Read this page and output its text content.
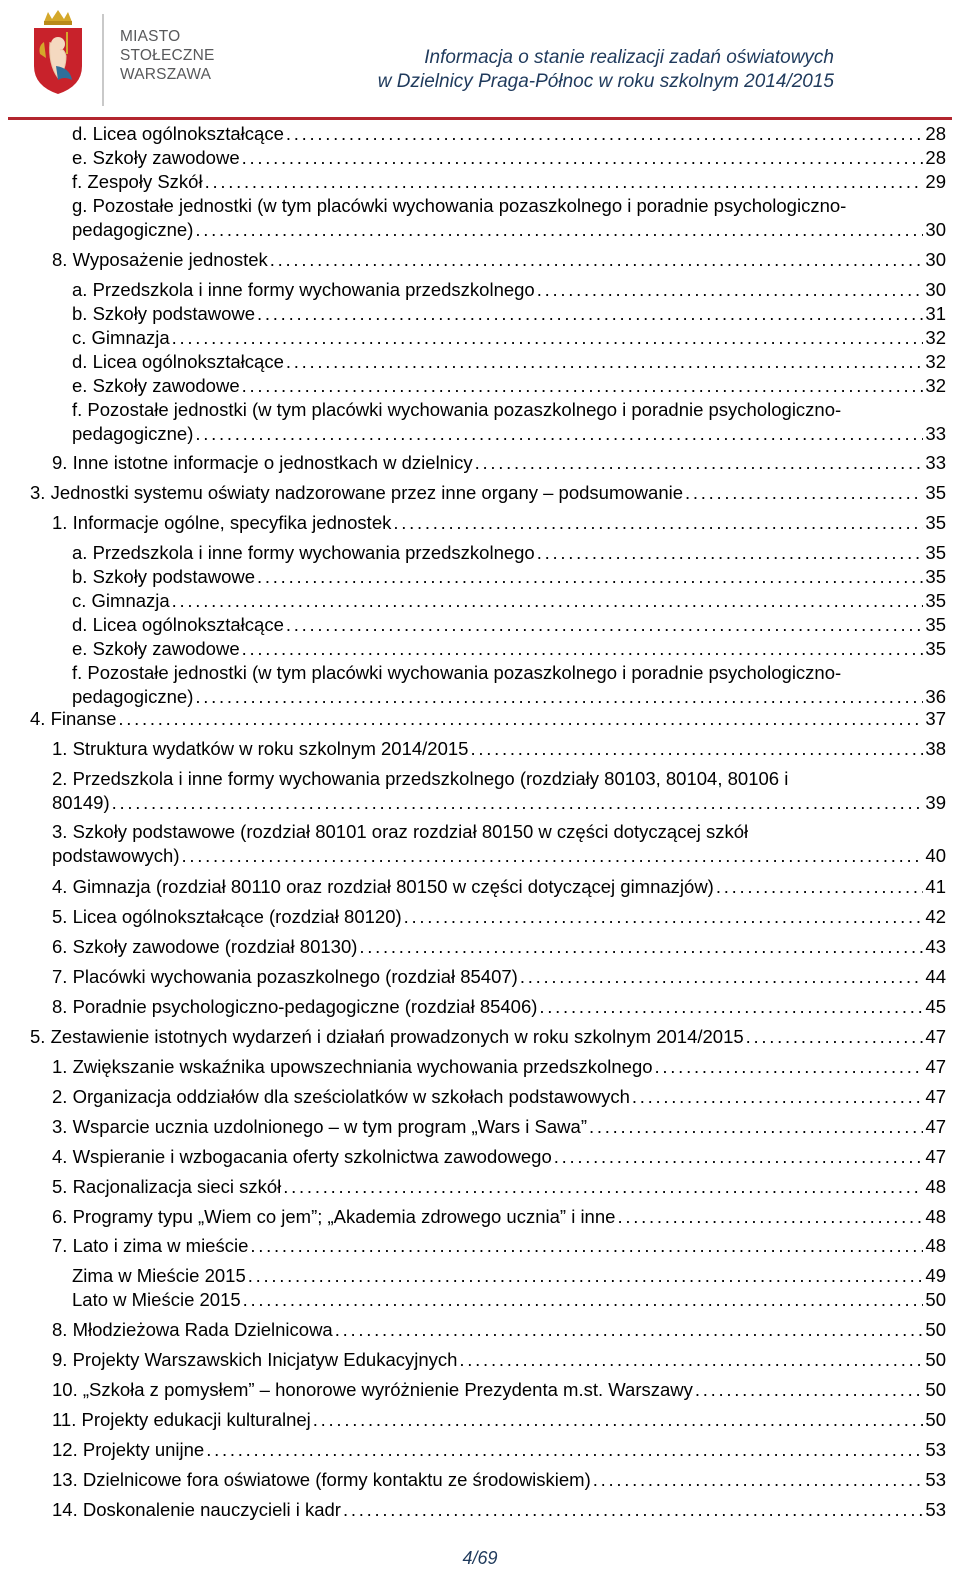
MIASTO
STOŁECZNE
WARSZAWA
Informacja o stanie realizacji zadań oświatowych
w Dzielnicy Praga-Północ w roku szkolnym 2014/2015
d. Licea ogólnokształcące . . .	28
e. Szkoły zawodowe . . .	28
f. Zespoły Szkół . . .	29
g. Pozostałe jednostki (w tym placówki wychowania pozaszkolnego i poradnie psychologiczno-
pedagogiczne) . . .	30
8. Wyposażenie jednostek . . .	30
a. Przedszkola i inne formy wychowania przedszkolnego . . .	30
b. Szkoły podstawowe . . .	31
c. Gimnazja . . .	32
d. Licea ogólnokształcące . . .	32
e. Szkoły zawodowe . . .	32
f. Pozostałe jednostki (w tym placówki wychowania pozaszkolnego i poradnie psychologiczno-
pedagogiczne) . . .	33
9. Inne istotne informacje o jednostkach w dzielnicy . . .	33
3. Jednostki systemu oświaty nadzorowane przez inne organy – podsumowanie . . .	35
1. Informacje ogólne, specyfika jednostek . . .	35
a. Przedszkola i inne formy wychowania przedszkolnego . . .	35
b. Szkoły podstawowe . . .	35
c. Gimnazja . . .	35
d. Licea ogólnokształcące . . .	35
e. Szkoły zawodowe . . .	35
f. Pozostałe jednostki (w tym placówki wychowania pozaszkolnego i poradnie psychologiczno-
pedagogiczne) . . .	36
4. Finanse . . .	37
1. Struktura wydatków w roku szkolnym 2014/2015 . . .	38
2. Przedszkola i inne formy wychowania przedszkolnego (rozdziały 80103, 80104, 80106 i
80149) . . .	39
3. Szkoły podstawowe (rozdział 80101 oraz rozdział 80150 w części dotyczącej szkół
podstawowych) . . .	40
4. Gimnazja (rozdział 80110 oraz rozdział 80150 w części dotyczącej gimnazjów) . . .	41
5. Licea ogólnokształcące (rozdział 80120) . . .	42
6. Szkoły zawodowe (rozdział 80130) . . .	43
7. Placówki wychowania pozaszkolnego (rozdział 85407) . . .	44
8. Poradnie psychologiczno-pedagogiczne (rozdział 85406) . . .	45
5. Zestawienie istotnych wydarzeń i działań prowadzonych w roku szkolnym 2014/2015 . . .	47
1. Zwiększanie wskaźnika upowszechniania wychowania przedszkolnego . . .	47
2. Organizacja oddziałów dla sześciolatków w szkołach podstawowych . . .	47
3. Wsparcie ucznia uzdolnionego – w tym program „Wars i Sawa” . . .	47
4. Wspieranie i wzbogacania oferty szkolnictwa zawodowego . . .	47
5. Racjonalizacja sieci szkół . . .	48
6. Programy typu „Wiem co jem”; „Akademia zdrowego ucznia” i inne . . .	48
7. Lato i zima w mieście . . .	48
Zima w Mieście 2015 . . .	49
Lato w Mieście 2015 . . .	50
8. Młodzieżowa Rada Dzielnicowa . . .	50
9. Projekty Warszawskich Inicjatyw Edukacyjnych . . .	50
10. „Szkoła z pomysłem” – honorowe wyróżnienie Prezydenta m.st. Warszawy . . .	50
11. Projekty edukacji kulturalnej . . .	50
12. Projekty unijne . . .	53
13. Dzielnicowe fora oświatowe (formy kontaktu ze środowiskiem) . . .	53
14. Doskonalenie nauczycieli i kadr . . .	53
4/69
